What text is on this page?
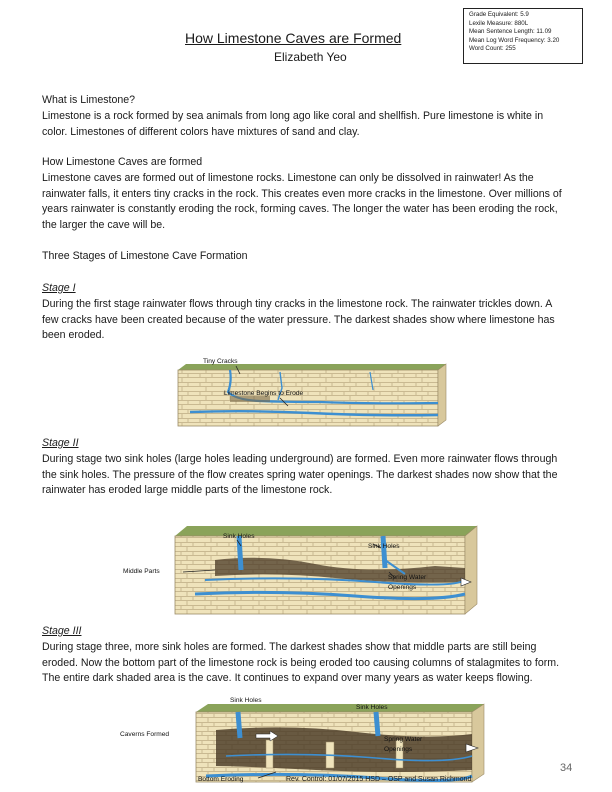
How Limestone Caves are Formed
Elizabeth Yeo
Grade Equivalent: 5.9
Lexile Measure: 880L
Mean Sentence Length: 11.09
Mean Log Word Frequency: 3.20
Word Count: 255
What is Limestone?

Limestone is a rock formed by sea animals from long ago like coral and shellfish. Pure limestone is white in color. Limestones of different colors have mixtures of sand and clay.

How Limestone Caves are formed

Limestone caves are formed out of limestone rocks. Limestone can only be dissolved in rainwater! As the rainwater falls, it enters tiny cracks in the rock. This creates even more cracks in the limestone. Over millions of years rainwater is constantly eroding the rock, forming caves. The longer the water has been eroding the rock, the larger the cave will be.

Three Stages of Limestone Cave Formation
Stage I

During the first stage rainwater flows through tiny cracks in the limestone rock. The rainwater trickles down. A few cracks have been created because of the water pressure. The darkest shades show where limestone has been eroded.

Tiny Cracks
Limestone Begins to Erode
Stage II

During stage two sink holes (large holes leading underground) are formed. Even more rainwater flows through the sink holes. The pressure of the flow creates spring water openings. The darkest shades now show that the rainwater has eroded large middle parts of the limestone rock.

Sink Holes
Sink Holes
Middle Parts
Spring Water
Openings
Stage III

During stage three, more sink holes are formed. The darkest shades show that middle parts are still being eroded. Now the bottom part of the limestone rock is being eroded too causing columns of stalagmites to form. The entire dark shaded area is the cave. It continues to expand over many years as water keeps flowing.

Sink Holes
Sink Holes
Caverns Formed
Spring Water
Openings
Bottom Eroding
34
Rev. Control: 01/07/2015 HSD – OSP and Susan Richmond
